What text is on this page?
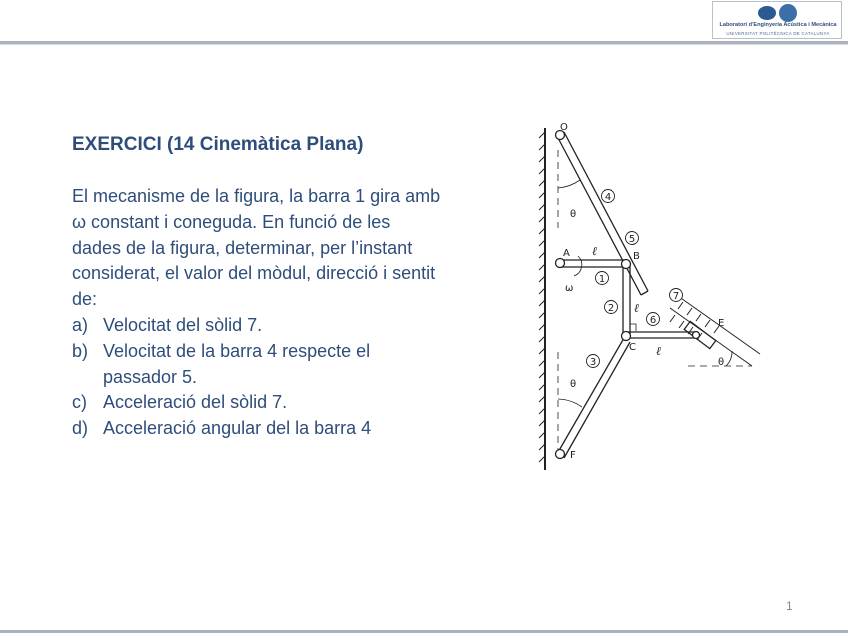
Laboratori d'Enginyeria Acústica i Mecànica
UNIVERSITAT POLITÈCNICA DE CATALUNYA
EXERCICI (14 Cinemàtica Plana)

El mecanisme de la figura, la barra 1 gira amb ω constant i coneguda. En funció de les dades de la figura, determinar, per l’instant considerat, el valor del mòdul, direcció i sentit de:

a) Velocitat del sòlid 7.
b) Velocitat de la barra 4 respecte el passador 5.
c) Acceleració del sòlid 7.
d) Acceleració angular del la barra 4
4
5
1
2
3
6
7
O
A	B
C
E
F
ℓ
ℓ
ℓ
θ
θ
θ
ω
1
